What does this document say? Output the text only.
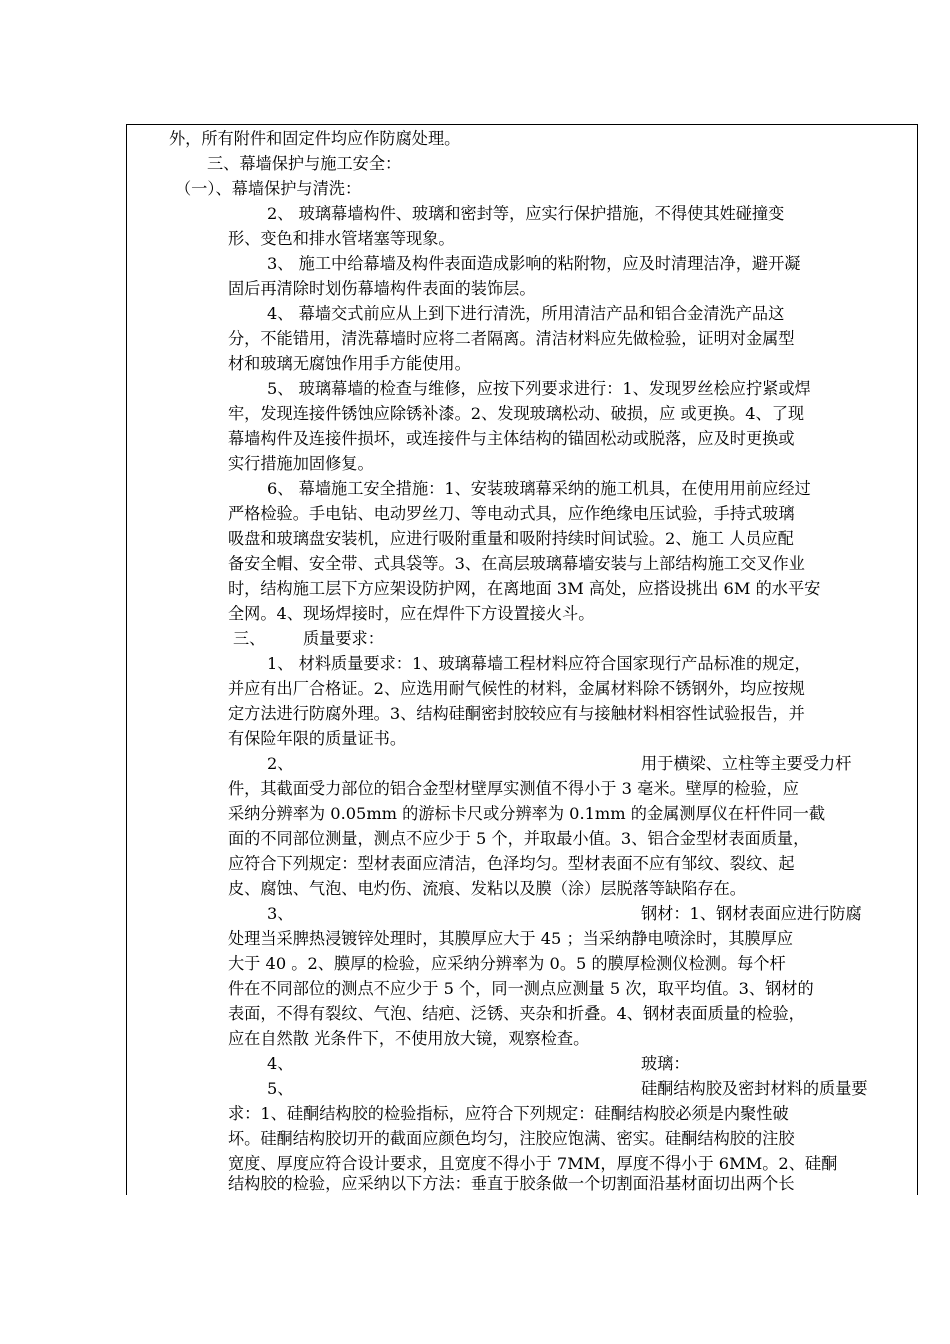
外，所有附件和固定件均应作防腐处理。
三、幕墙保护与施工安全：
（一）、幕墙保护与清洗：
2、 玻璃幕墙构件、玻璃和密封等，应实行保护措施，不得使其姓碰撞变
形、变色和排水管堵塞等现象。
3、 施工中给幕墙及构件表面造成影响的粘附物，应及时清理洁净，避开凝
固后再清除时划伤幕墙构件表面的装饰层。
4、 幕墙交式前应从上到下进行清洗，所用清洁产品和铝合金清洗产品这
分，不能错用，清洗幕墙时应将二者隔离。清洁材料应先做检验，证明对金属型
材和玻璃无腐蚀作用手方能使用。
5、 玻璃幕墙的检查与维修，应按下列要求进行：1、发现罗丝桧应拧紧或焊
牢，发现连接件锈蚀应除锈补漆。2、发现玻璃松动、破损，应 或更换。4、了现
幕墙构件及连接件损坏，或连接件与主体结构的锚固松动或脱落，应及时更换或
实行措施加固修复。
6、 幕墙施工安全措施：1、安装玻璃幕采纳的施工机具，在使用用前应经过
严格检验。手电钻、电动罗丝刀、等电动式具，应作绝缘电压试验，手持式玻璃
吸盘和玻璃盘安装机，应进行吸附重量和吸附持续时间试验。2、施工 人员应配
备安全帽、安全带、式具袋等。3、在高层玻璃幕墙安装与上部结构施工交叉作业
时，结构施工层下方应架设防护网，在离地面 3M 高处，应搭设挑出 6M 的水平安
全网。4、现场焊接时，应在焊件下方设置接火斗。
三、 质量要求：
1、 材料质量要求：1、玻璃幕墙工程材料应符合国家现行产品标准的规定，
并应有出厂合格证。2、应选用耐气候性的材料，金属材料除不锈钢外，均应按规
定方法进行防腐外理。3、结构硅酮密封胶较应有与接触材料相容性试验报告，并
有保险年限的质量证书。
2、	用于横梁、立柱等主要受力杆
件，其截面受力部位的铝合金型材壁厚实测值不得小于 3 毫米。壁厚的检验，应
采纳分辨率为 0.05mm 的游标卡尺或分辨率为 0.1mm 的金属测厚仪在杆件同一截
面的不同部位测量，测点不应少于 5 个，并取最小值。3、铝合金型材表面质量，
应符合下列规定：型材表面应清洁，色泽均匀。型材表面不应有邹纹、裂纹、起
皮、腐蚀、气泡、电灼伤、流痕、发粘以及膜（涂）层脱落等缺陷存在。
3、	钢材：1、钢材表面应进行防腐
处理当采脾热浸镀锌处理时，其膜厚应大于 45 ；当采纳静电喷涂时，其膜厚应
大于 40 。2、膜厚的检验，应采纳分辨率为 0。5 的膜厚检测仪检测。每个杆
件在不同部位的测点不应少于 5 个，同一测点应测量 5 次，取平均值。3、钢材的
表面，不得有裂纹、气泡、结疤、泛锈、夹杂和折叠。4、钢材表面质量的检验，
应在自然散 光条件下，不使用放大镜，观察检查。
4、	玻璃：
5、	硅酮结构胶及密封材料的质量要
求：1、硅酮结构胶的检验指标，应符合下列规定：硅酮结构胶必须是内聚性破
坏。硅酮结构胶切开的截面应颜色均匀，注胶应饱满、密实。硅酮结构胶的注胶
宽度、厚度应符合设计要求，且宽度不得小于 7MM，厚度不得小于 6MM。2、硅酮
结构胶的检验，应采纳以下方法：垂直于胶条做一个切割面沿基材面切出两个长
